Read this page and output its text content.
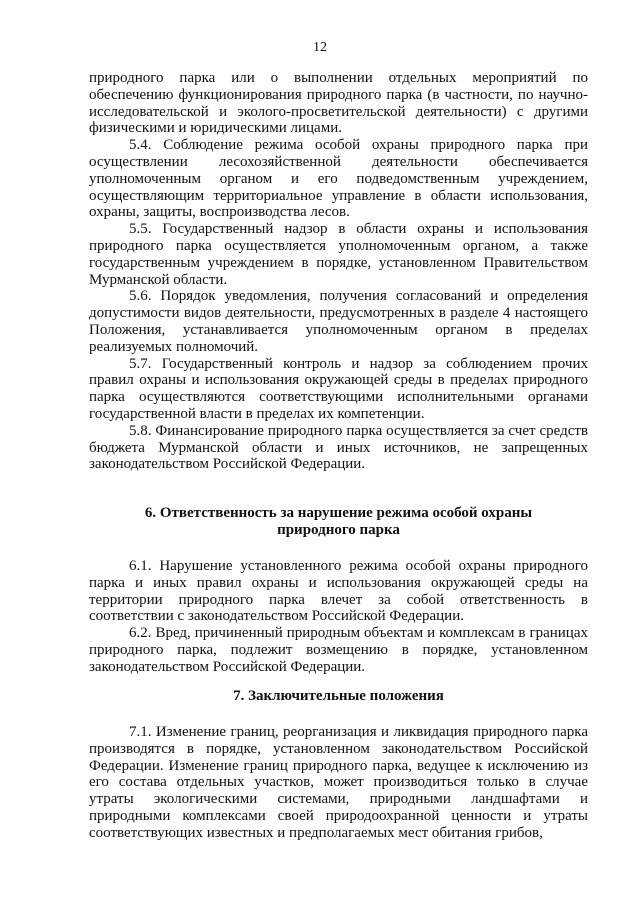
12

природного парка или о выполнении отдельных мероприятий по обеспечению функционирования природного парка (в частности, по научно-исследовательской и эколого-просветительской деятельности) с другими физическими и юридическими лицами.

5.4. Соблюдение режима особой охраны природного парка при осуществлении лесохозяйственной деятельности обеспечивается уполномоченным органом и его подведомственным учреждением, осуществляющим территориальное управление в области использования, охраны, защиты, воспроизводства лесов.

5.5. Государственный надзор в области охраны и использования природного парка осуществляется уполномоченным органом, а также государственным учреждением в порядке, установленном Правительством Мурманской области.

5.6. Порядок уведомления, получения согласований и определения допустимости видов деятельности, предусмотренных в разделе 4 настоящего Положения, устанавливается уполномоченным органом в пределах реализуемых полномочий.

5.7. Государственный контроль и надзор за соблюдением прочих правил охраны и использования окружающей среды в пределах природного парка осуществляются соответствующими исполнительными органами государственной власти в пределах их компетенции.

5.8. Финансирование природного парка осуществляется за счет средств бюджета Мурманской области и иных источников, не запрещенных законодательством Российской Федерации.

6. Ответственность за нарушение режима особой охраны

природного парка

6.1. Нарушение установленного режима особой охраны природного парка и иных правил охраны и использования окружающей среды на территории природного парка влечет за собой ответственность в соответствии с законодательством Российской Федерации.

6.2. Вред, причиненный природным объектам и комплексам в границах природного парка, подлежит возмещению в порядке, установленном законодательством Российской Федерации.

7. Заключительные положения

7.1. Изменение границ, реорганизация и ликвидация природного парка производятся в порядке, установленном законодательством Российской Федерации. Изменение границ природного парка, ведущее к исключению из его состава отдельных участков, может производиться только в случае утраты экологическими системами, природными ландшафтами и природными комплексами своей природоохранной ценности и утраты соответствующих известных и предполагаемых мест обитания грибов,
